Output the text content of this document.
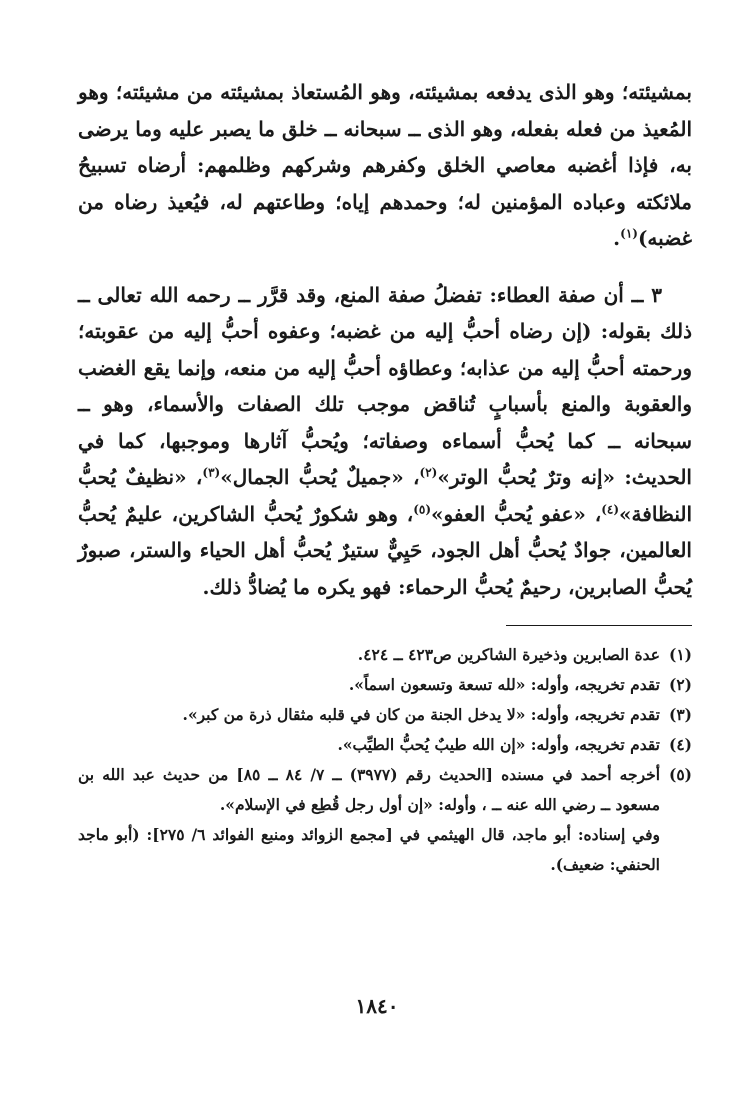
بمشيئته؛ وهو الذى يدفعه بمشيئته، وهو المُستعاذ بمشيئته من مشيئته؛ وهو المُعيذ من فعله بفعله، وهو الذى ــ سبحانه ــ خلق ما يصبر عليه وما يرضى به، فإذا أغضبه معاصي الخلق وكفرهم وشركهم وظلمهم: أرضاه تسبيحُ ملائكته وعباده المؤمنين له؛ وحمدهم إياه؛ وطاعتهم له، فيُعيذ رضاه من غضبه)$^{(١)}$.

٣ ــ أن صفة العطاء: تفضلُ صفة المنع، وقد قرَّر ــ رحمه الله تعالى ــ ذلك بقوله: (إن رضاه أحبُّ إليه من غضبه؛ وعفوه أحبُّ إليه من عقوبته؛ ورحمته أحبُّ إليه من عذابه؛ وعطاؤه أحبُّ إليه من منعه، وإنما يقع الغضب والعقوبة والمنع بأسبابٍ تُناقض موجب تلك الصفات والأسماء، وهو ــ سبحانه ــ كما يُحبُّ أسماءه وصفاته؛ ويُحبُّ آثارها وموجبها، كما في الحديث: «إنه وترٌ يُحبُّ الوتر»$^{(٢)}$، «جميلٌ يُحبُّ الجمال»$^{(٣)}$، «نظيفٌ يُحبُّ النظافة»$^{(٤)}$، «عفو يُحبُّ العفو»$^{(٥)}$، وهو شكورٌ يُحبُّ الشاكرين، عليمٌ يُحبُّ العالمين، جوادٌ يُحبُّ أهل الجود، حَيِيٌّ ستيرٌ يُحبُّ أهل الحياء والستر، صبورٌ يُحبُّ الصابرين، رحيمٌ يُحبُّ الرحماء: فهو يكره ما يُضادُّ ذلك.

(١)
عدة الصابرين وذخيرة الشاكرين ص٤٢٣ ــ ٤٢٤.
(٢)
تقدم تخريجه، وأوله: «لله تسعة وتسعون اسماً».
(٣)
تقدم تخريجه، وأوله: «لا يدخل الجنة من كان في قلبه مثقال ذرة من كبر».
(٤)
تقدم تخريجه، وأوله: «إن الله طيبٌ يُحبُّ الطيِّب».
(٥)
أخرجه أحمد في مسنده [الحديث رقم (٣٩٧٧) ــ ٧/ ٨٤ ــ ٨٥] من حديث عبد الله بن مسعود ــ رضي الله عنه ــ ، وأوله: «إن أول رجل قُطِع في الإسلام».
وفي إسناده: أبو ماجد، قال الهيثمي في [مجمع الزوائد ومنبع الفوائد ٦/ ٢٧٥]: (أبو ماجد الحنفي: ضعيف).
١٨٤٠
